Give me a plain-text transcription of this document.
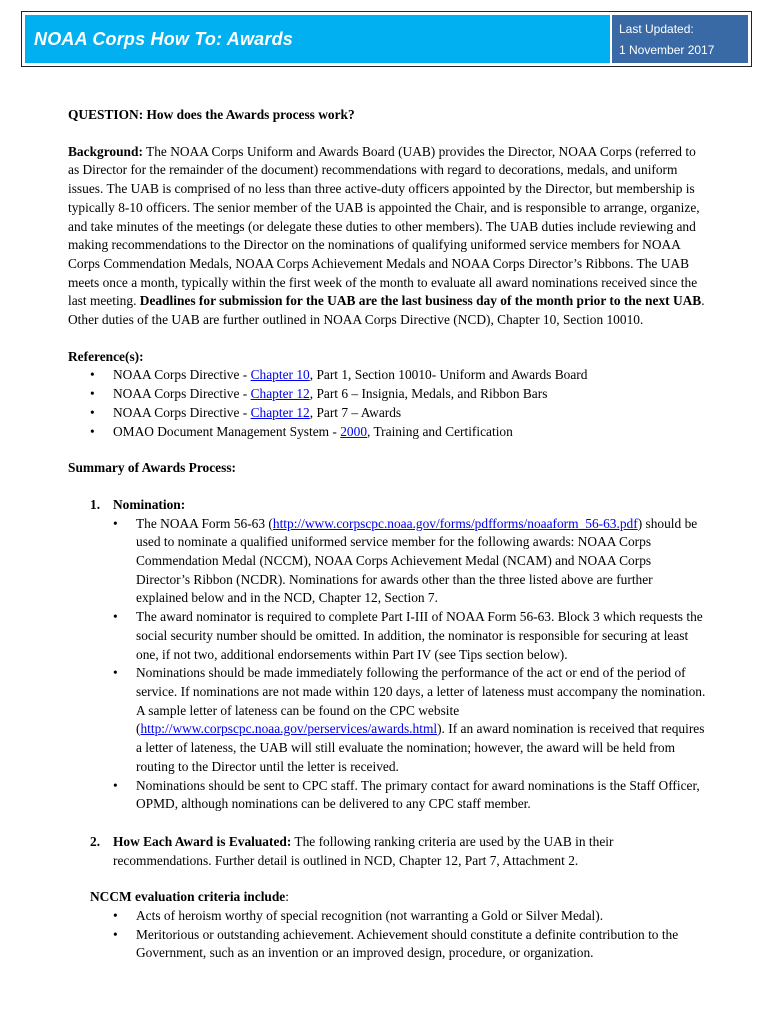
NOAA Corps How To: Awards	Last Updated:
1 November 2017

QUESTION: How does the Awards process work?

Background: The NOAA Corps Uniform and Awards Board (UAB) provides the Director, NOAA Corps (referred to as Director for the remainder of the document) recommendations with regard to decorations, medals, and uniform issues. The UAB is comprised of no less than three active-duty officers appointed by the Director, but membership is typically 8-10 officers. The senior member of the UAB is appointed the Chair, and is responsible to arrange, organize, and take minutes of the meetings (or delegate these duties to other members). The UAB duties include reviewing and making recommendations to the Director on the nominations of qualifying uniformed service members for NOAA Corps Commendation Medals, NOAA Corps Achievement Medals and NOAA Corps Director’s Ribbons. The UAB meets once a month, typically within the first week of the month to evaluate all award nominations received since the last meeting. Deadlines for submission for the UAB are the last business day of the month prior to the next UAB. Other duties of the UAB are further outlined in NOAA Corps Directive (NCD), Chapter 10, Section 10010.

Reference(s):

• NOAA Corps Directive - Chapter 10, Part 1, Section 10010- Uniform and Awards Board
• NOAA Corps Directive - Chapter 12, Part 6 – Insignia, Medals, and Ribbon Bars
• NOAA Corps Directive - Chapter 12, Part 7 – Awards
• OMAO Document Management System - 2000, Training and Certification

Summary of Awards Process:

1. Nomination:

• The NOAA Form 56-63 (http://www.corpscpc.noaa.gov/forms/pdfforms/noaaform_56-63.pdf) should be used to nominate a qualified uniformed service member for the following awards: NOAA Corps Commendation Medal (NCCM), NOAA Corps Achievement Medal (NCAM) and NOAA Corps Director’s Ribbon (NCDR). Nominations for awards other than the three listed above are further explained below and in the NCD, Chapter 12, Section 7.
• The award nominator is required to complete Part I-III of NOAA Form 56-63. Block 3 which requests the social security number should be omitted. In addition, the nominator is responsible for securing at least one, if not two, additional endorsements within Part IV (see Tips section below).
• Nominations should be made immediately following the performance of the act or end of the period of service. If nominations are not made within 120 days, a letter of lateness must accompany the nomination. A sample letter of lateness can be found on the CPC website (http://www.corpscpc.noaa.gov/perservices/awards.html). If an award nomination is received that requires a letter of lateness, the UAB will still evaluate the nomination; however, the award will be held from routing to the Director until the letter is received.
• Nominations should be sent to CPC staff. The primary contact for award nominations is the Staff Officer, OPMD, although nominations can be delivered to any CPC staff member.
2. How Each Award is Evaluated: The following ranking criteria are used by the UAB in their recommendations. Further detail is outlined in NCD, Chapter 12, Part 7, Attachment 2.

NCCM evaluation criteria include:

• Acts of heroism worthy of special recognition (not warranting a Gold or Silver Medal).
• Meritorious or outstanding achievement. Achievement should constitute a definite contribution to the Government, such as an invention or an improved design, procedure, or organization.
